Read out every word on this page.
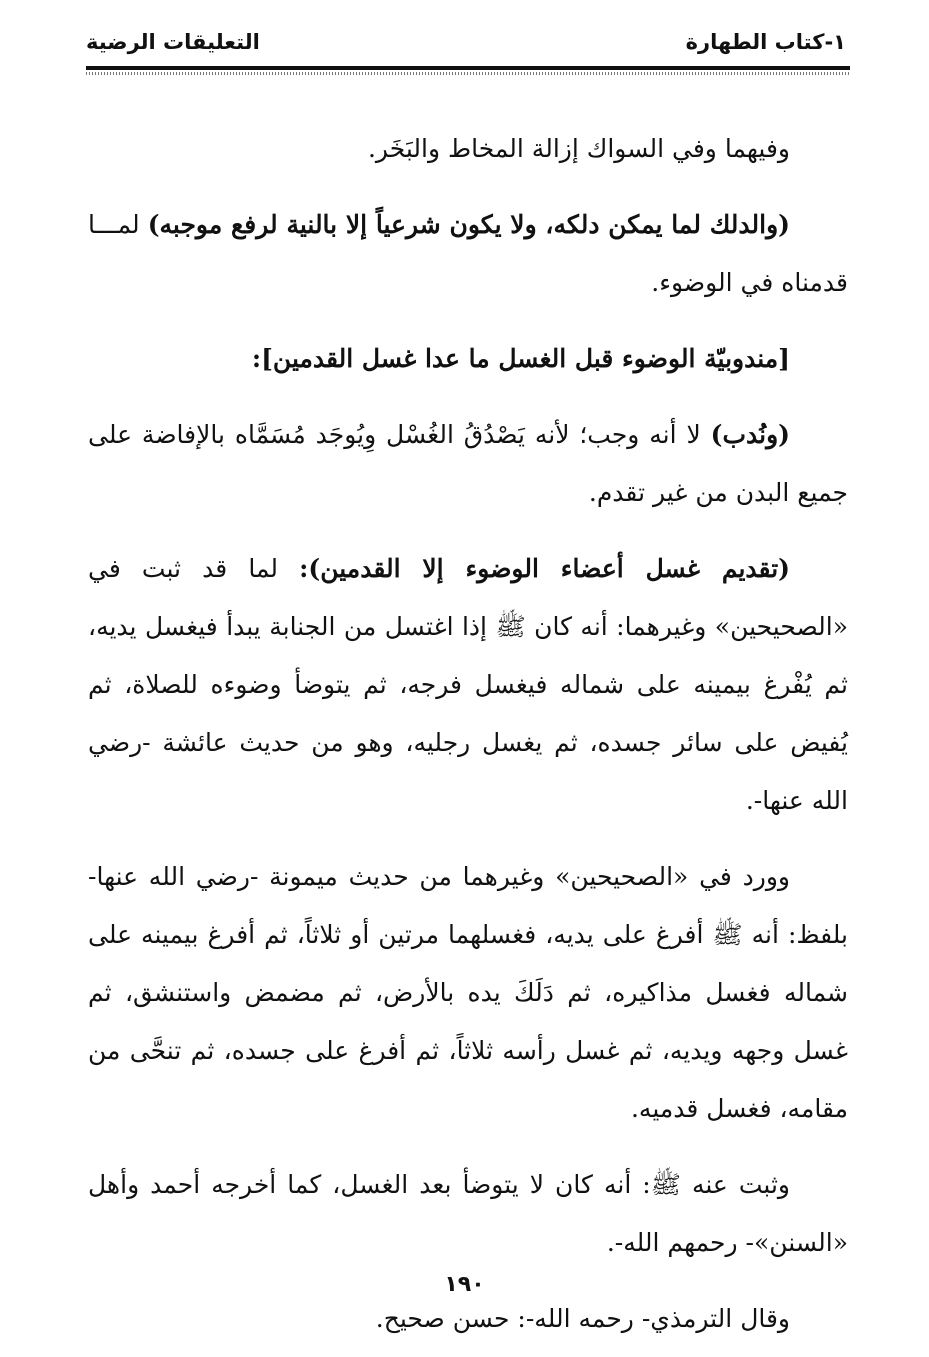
١-كتاب الطهارة
التعليقات الرضية

وفيهما وفي السواك إزالة المخاط والبَخَر.

(والدلك لما يمكن دلكه، ولا يكون شرعياً إلا بالنية لرفع موجبه) لمـــا قدمناه في الوضوء.

[مندوبيّة الوضوء قبل الغسل ما عدا غسل القدمين]:

(ونُدب) لا أنه وجب؛ لأنه يَصْدُقُ الغُسْل وِيُوجَد مُسَمَّاه بالإفاضة على جميع البدن من غير تقدم.

(تقديم غسل أعضاء الوضوء إلا القدمين): لما قد ثبت في «الصحيحين» وغيرهما: أنه كان ﷺ إذا اغتسل من الجنابة يبدأ فيغسل يديه، ثم يُفْرغ بيمينه على شماله فيغسل فرجه، ثم يتوضأ وضوءه للصلاة، ثم يُفيض على سائر جسده، ثم يغسل رجليه، وهو من حديث عائشة -رضي الله عنها-.

وورد في «الصحيحين» وغيرهما من حديث ميمونة -رضي الله عنها- بلفظ: أنه ﷺ أفرغ على يديه، فغسلهما مرتين أو ثلاثاً، ثم أفرغ بيمينه على شماله فغسل مذاكيره، ثم دَلَكَ يده بالأرض، ثم مضمض واستنشق، ثم غسل وجهه ويديه، ثم غسل رأسه ثلاثاً، ثم أفرغ على جسده، ثم تنحَّى من مقامه، فغسل قدميه.

وثبت عنه ﷺ: أنه كان لا يتوضأ بعد الغسل، كما أخرجه أحمد وأهل «السنن»- رحمهم الله-.

وقال الترمذي- رحمه الله-: حسن صحيح.

١٩٠
